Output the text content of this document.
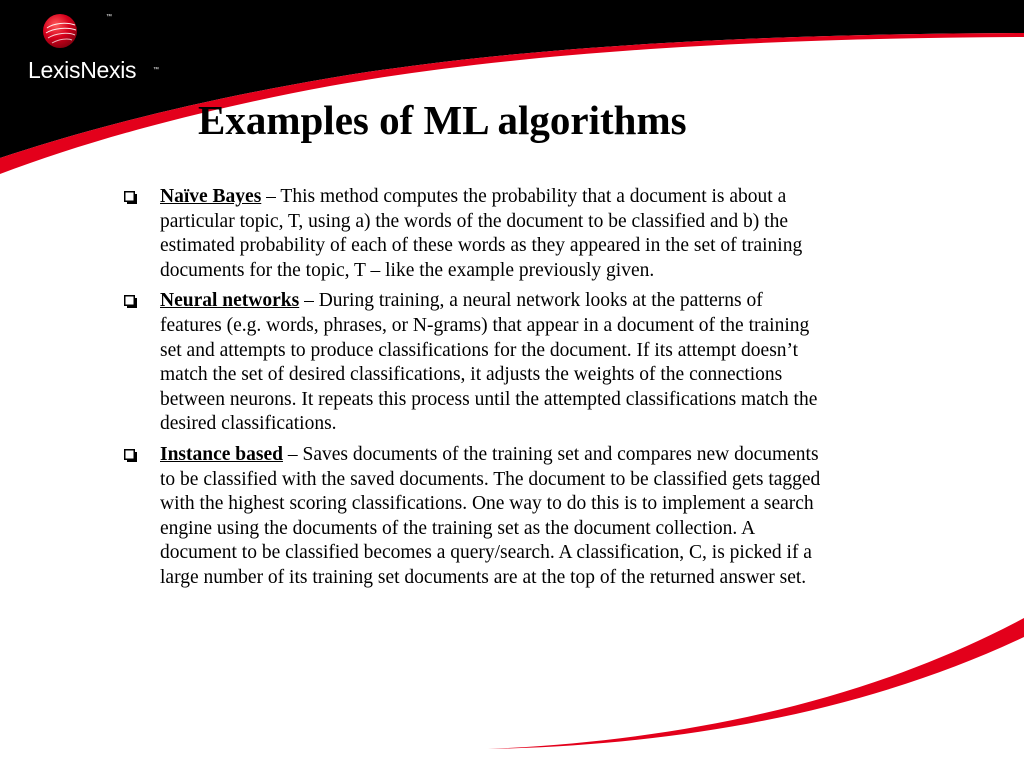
™
LexisNexis	™
Examples of ML algorithms
Naïve Bayes – This method computes the probability that a document is about a particular topic, T, using a) the words of the document to be classified and b) the estimated probability of each of these words as they appeared in the set of training documents for the topic, T – like the example previously given.
Neural networks – During training, a neural network looks at the patterns of features (e.g. words, phrases, or N-grams) that appear in a document of the training set and attempts to produce classifications for the document. If its attempt doesn’t match the set of desired classifications, it adjusts the weights of the connections between neurons. It repeats this process until the attempted classifications match the desired classifications.
Instance based – Saves documents of the training set and compares new documents to be classified with the saved documents. The document to be classified gets tagged with the highest scoring classifications. One way to do this is to implement a search engine using the documents of the training set as the document collection. A document to be classified becomes a query/search. A classification, C, is picked if a large number of its training set documents are at the top of the returned answer set.
